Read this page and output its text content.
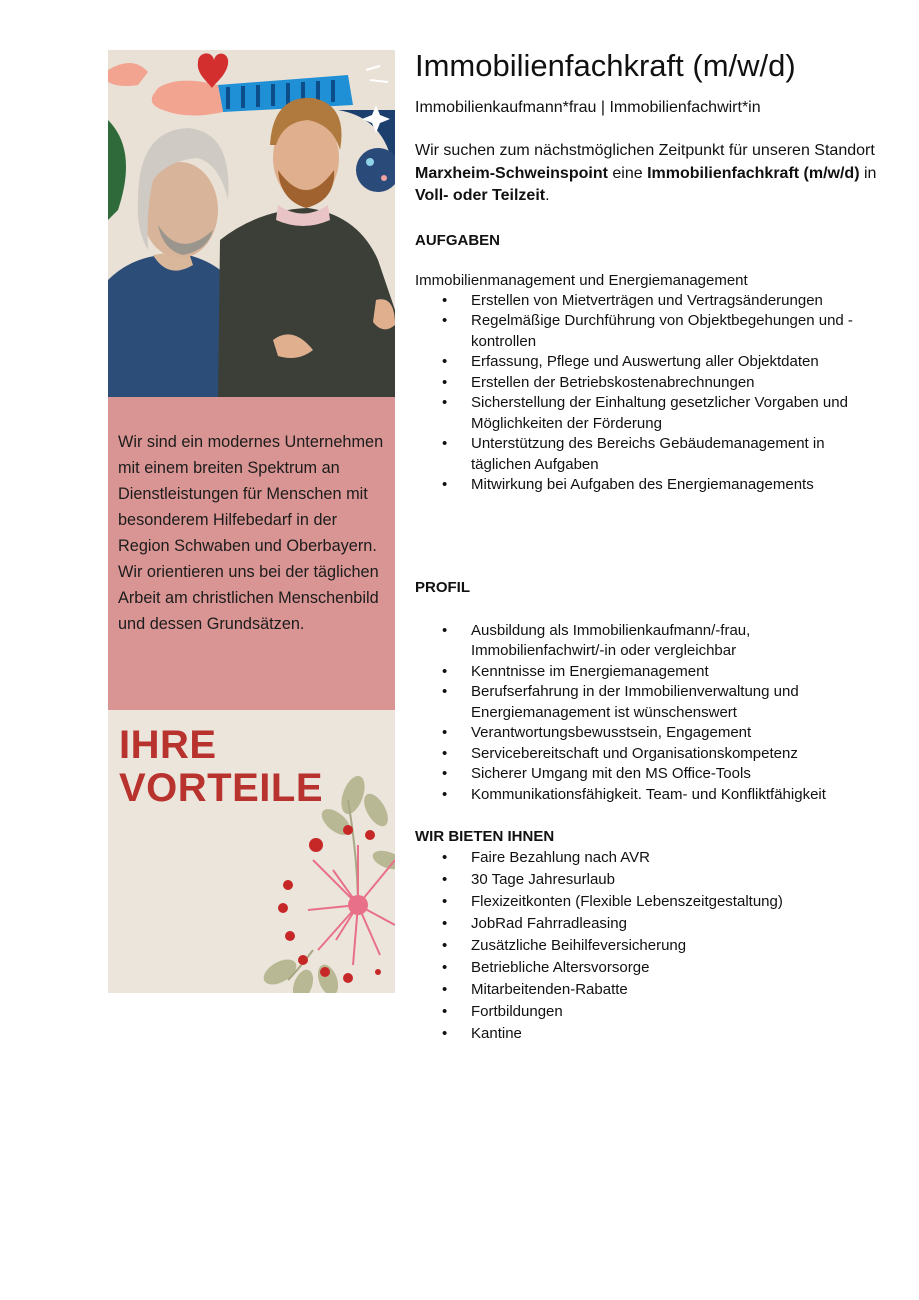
Wir sind ein modernes Unternehmen mit einem breiten Spektrum an Dienstleistungen für Menschen mit besonderem Hilfebedarf in der Region Schwaben und Oberbayern. Wir orientieren uns bei der täglichen Arbeit am christlichen Menschenbild und dessen Grundsätzen.

IHRE
VORTEILE
Immobilienfachkraft (m/w/d)

Immobilienkaufmann*frau | Immobilienfachwirt*in

Wir suchen zum nächstmöglichen Zeitpunkt für unseren Standort Marxheim-Schweinspoint eine Immobilienfachkraft (m/w/d) in Voll- oder Teilzeit.

AUFGABEN

Immobilienmanagement und Energiemanagement

• Erstellen von Mietverträgen und Vertragsänderungen
• Regelmäßige Durchführung von Objektbegehungen und -kontrollen
• Erfassung, Pflege und Auswertung aller Objektdaten
• Erstellen der Betriebskostenabrechnungen
• Sicherstellung der Einhaltung gesetzlicher Vorgaben und Möglichkeiten der Förderung
• Unterstützung des Bereichs Gebäudemanagement in täglichen Aufgaben
• Mitwirkung bei Aufgaben des Energiemanagements
PROFIL
• Ausbildung als Immobilienkaufmann/-frau, Immobilienfachwirt/-in oder vergleichbar
• Kenntnisse im Energiemanagement
• Berufserfahrung in der Immobilienverwaltung und Energiemanagement ist wünschenswert
• Verantwortungsbewusstsein, Engagement
• Servicebereitschaft und Organisationskompetenz
• Sicherer Umgang mit den MS Office-Tools
• Kommunikationsfähigkeit. Team- und Konfliktfähigkeit
WIR BIETEN IHNEN
• Faire Bezahlung nach AVR
• 30 Tage Jahresurlaub
• Flexizeitkonten (Flexible Lebenszeitgestaltung)
• JobRad Fahrradleasing
• Zusätzliche Beihilfeversicherung
• Betriebliche Altersvorsorge
• Mitarbeitenden-Rabatte
• Fortbildungen
• Kantine
